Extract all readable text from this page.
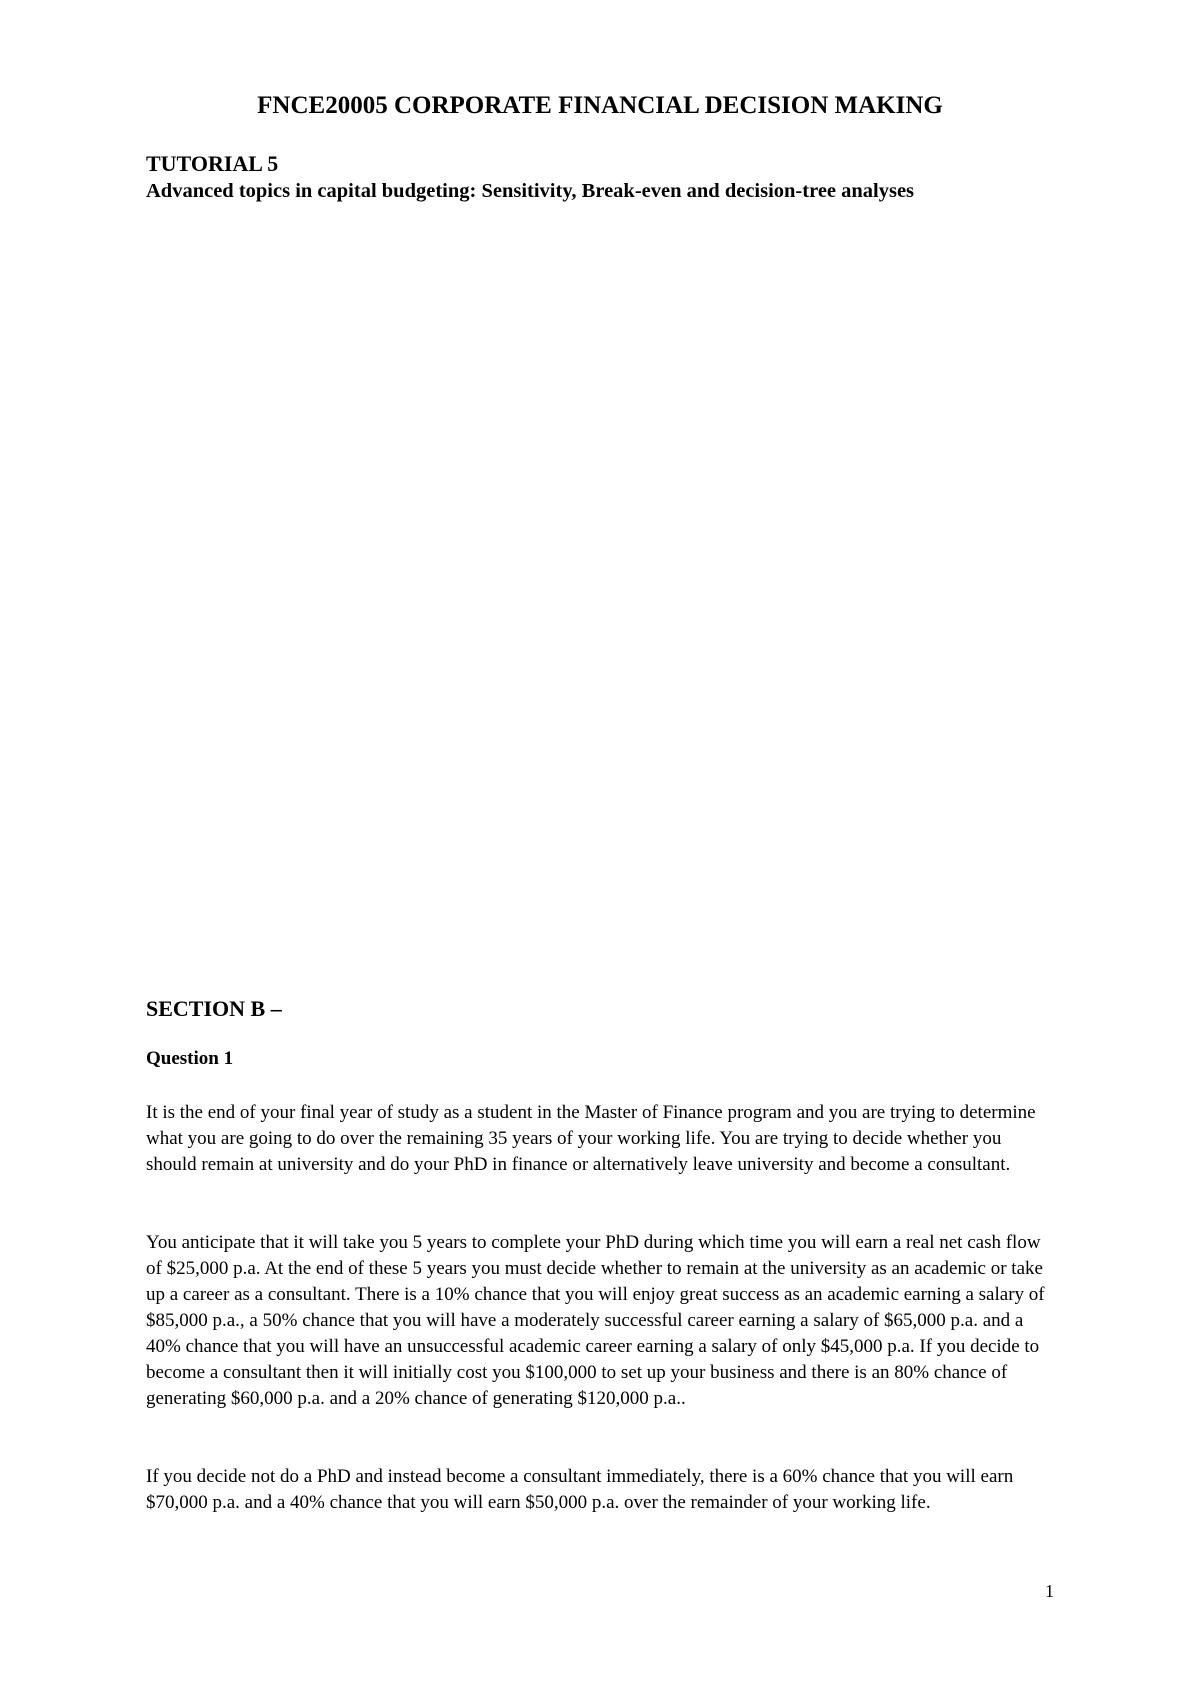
FNCE20005 CORPORATE FINANCIAL DECISION MAKING
TUTORIAL 5
Advanced topics in capital budgeting: Sensitivity, Break-even and decision-tree analyses
SECTION B –
Question 1

It is the end of your final year of study as a student in the Master of Finance program and you are trying to determine what you are going to do over the remaining 35 years of your working life. You are trying to decide whether you should remain at university and do your PhD in finance or alternatively leave university and become a consultant.

You anticipate that it will take you 5 years to complete your PhD during which time you will earn a real net cash flow of $25,000 p.a. At the end of these 5 years you must decide whether to remain at the university as an academic or take up a career as a consultant. There is a 10% chance that you will enjoy great success as an academic earning a salary of $85,000 p.a., a 50% chance that you will have a moderately successful career earning a salary of $65,000 p.a. and a 40% chance that you will have an unsuccessful academic career earning a salary of only $45,000 p.a. If you decide to become a consultant then it will initially cost you $100,000 to set up your business and there is an 80% chance of generating $60,000 p.a. and a 20% chance of generating $120,000 p.a..

If you decide not do a PhD and instead become a consultant immediately, there is a 60% chance that you will earn $70,000 p.a. and a 40% chance that you will earn $50,000 p.a. over the remainder of your working life.

1
